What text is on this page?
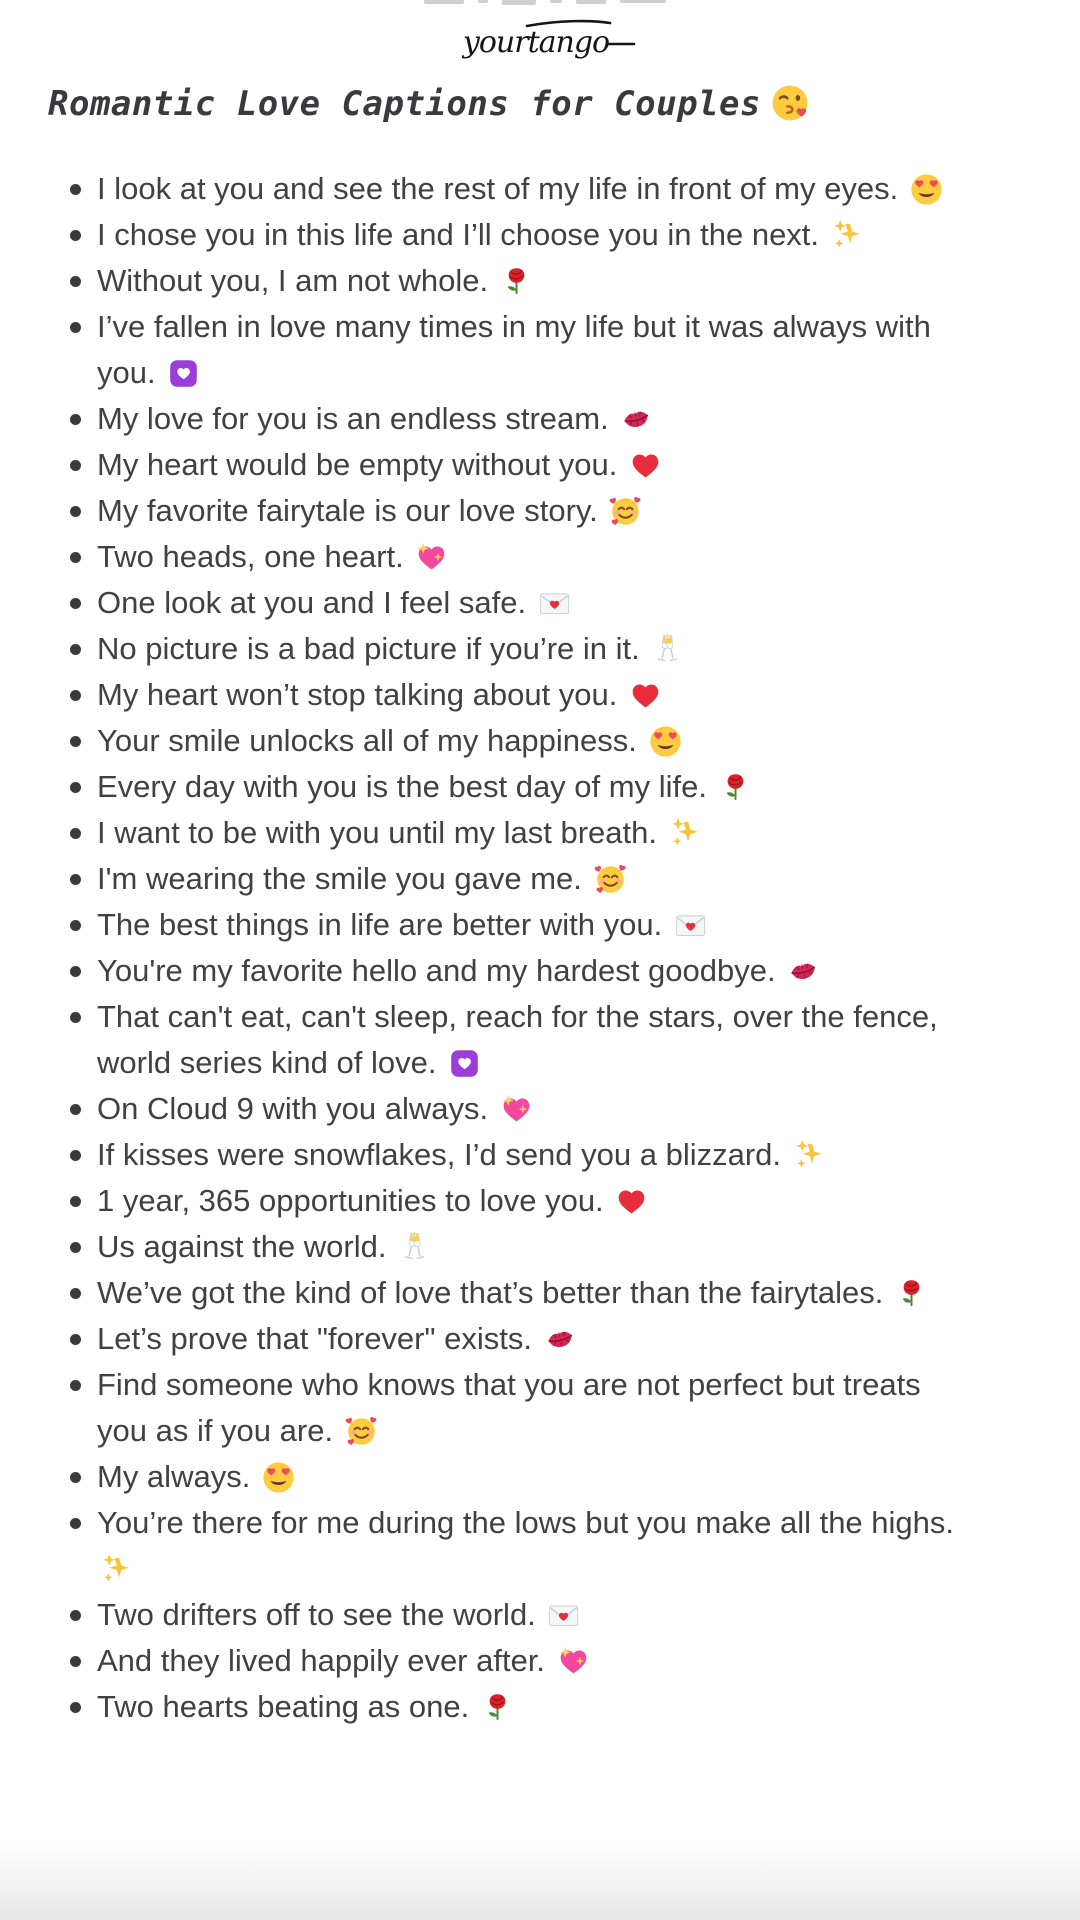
yourtango
Romantic Love Captions for Couples
I look at you and see the rest of my life in front of my eyes.
I chose you in this life and I’ll choose you in the next.
Without you, I am not whole.
I’ve fallen in love many times in my life but it was always with you.
My love for you is an endless stream.
My heart would be empty without you.
My favorite fairytale is our love story.
Two heads, one heart.
One look at you and I feel safe.
No picture is a bad picture if you’re in it.
My heart won’t stop talking about you.
Your smile unlocks all of my happiness.
Every day with you is the best day of my life.
I want to be with you until my last breath.
I'm wearing the smile you gave me.
The best things in life are better with you.
You're my favorite hello and my hardest goodbye.
That can't eat, can't sleep, reach for the stars, over the fence, world series kind of love.
On Cloud 9 with you always.
If kisses were snowflakes, I’d send you a blizzard.
1 year, 365 opportunities to love you.
Us against the world.
We’ve got the kind of love that’s better than the fairytales.
Let’s prove that "forever" exists.
Find someone who knows that you are not perfect but treats you as if you are.
My always.
You’re there for me during the lows but you make all the highs.
Two drifters off to see the world.
And they lived happily ever after.
Two hearts beating as one.
